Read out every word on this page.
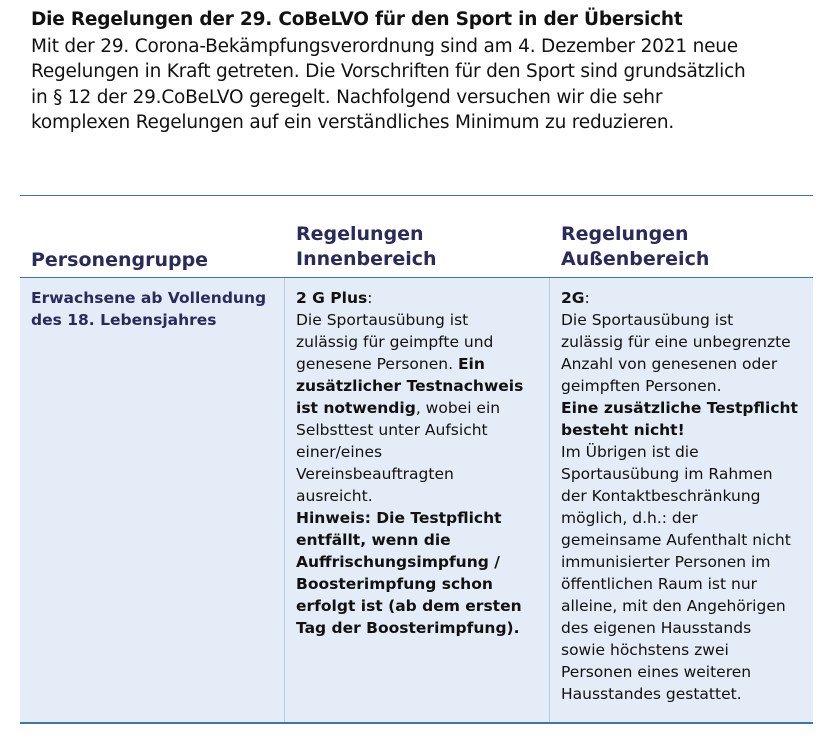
Die Regelungen der 29. CoBeLVO für den Sport in der Übersicht
Mit der 29. Corona-Bekämpfungsverordnung sind am 4. Dezember 2021 neue
Regelungen in Kraft getreten. Die Vorschriften für den Sport sind grundsätzlich
in § 12 der 29.CoBeLVO geregelt. Nachfolgend versuchen wir die sehr
komplexen Regelungen auf ein verständliches Minimum zu reduzieren.
Personengruppe
Regelungen
Innenbereich
Regelungen
Außenbereich
Erwachsene ab Vollendung
des 18. Lebensjahres
2 G Plus:
Die Sportausübung ist
zulässig für geimpfte und
genesene Personen. Ein
zusätzlicher Testnachweis
ist notwendig, wobei ein
Selbsttest unter Aufsicht
einer/eines
Vereinsbeauftragten
ausreicht.
Hinweis: Die Testpflicht
entfällt, wenn die
Auffrischungsimpfung /
Boosterimpfung schon
erfolgt ist (ab dem ersten
Tag der Boosterimpfung).
2G:
Die Sportausübung ist
zulässig für eine unbegrenzte
Anzahl von genesenen oder
geimpften Personen.
Eine zusätzliche Testpflicht
besteht nicht!
Im Übrigen ist die
Sportausübung im Rahmen
der Kontaktbeschränkung
möglich, d.h.: der
gemeinsame Aufenthalt nicht
immunisierter Personen im
öffentlichen Raum ist nur
alleine, mit den Angehörigen
des eigenen Hausstands
sowie höchstens zwei
Personen eines weiteren
Hausstandes gestattet.
